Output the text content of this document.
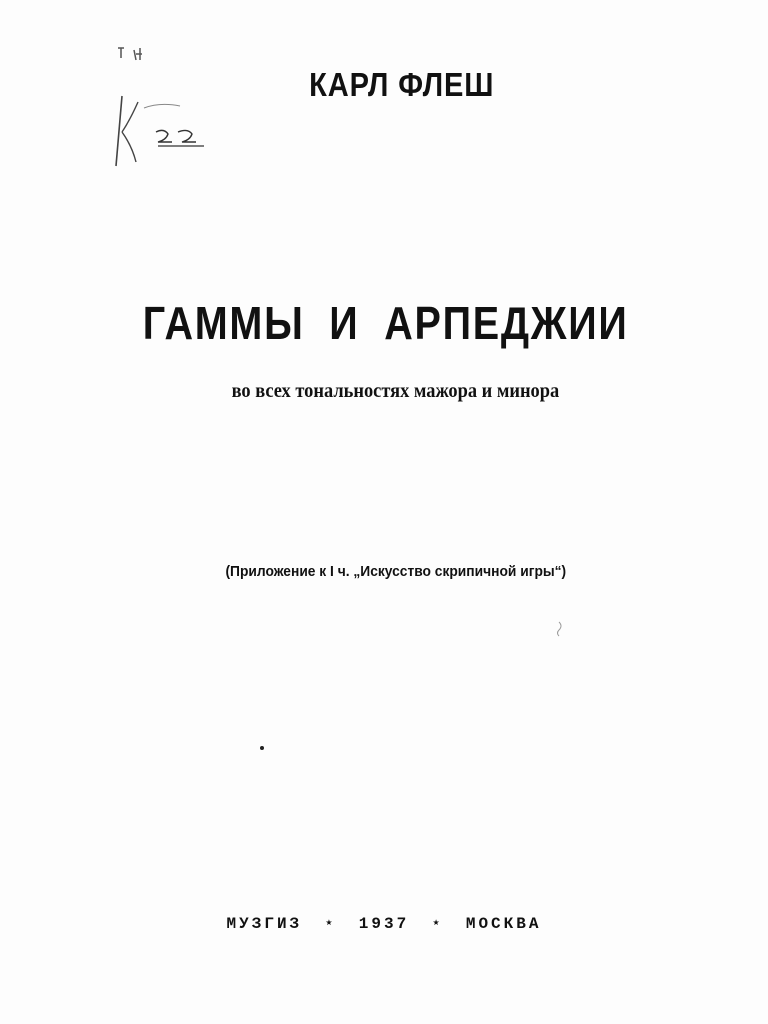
КАРЛ ФЛЕШ
ГАММЫ И АРПЕДЖИИ
во всех тональностях мажора и минора
(Приложение к I ч. „Искусство скрипичной игры“)
МУЗГИЗ ⋆ 1937 ⋆ МОСКВА
